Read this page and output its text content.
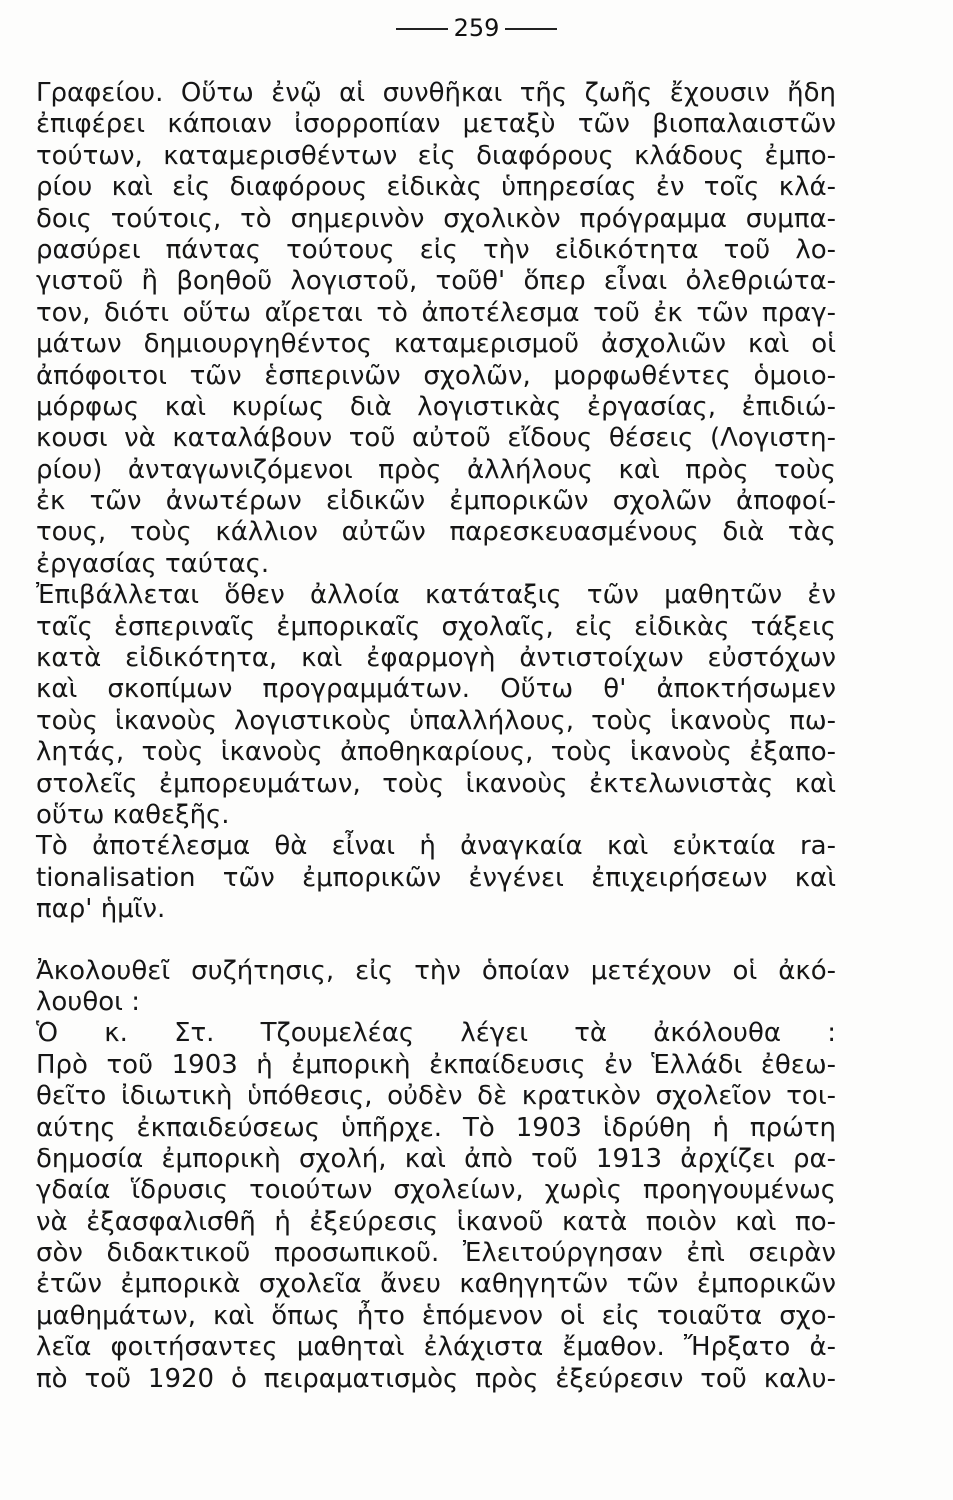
259
Γραφείου. Οὕτω ἐνῷ αἱ συνθῆκαι τῆς ζωῆς ἔχουσιν ἤδη
ἐπιφέρει κάποιαν ἰσορροπίαν μεταξὺ τῶν βιοπαλαιστῶν
τούτων, καταμερισθέντων εἰς διαφόρους κλάδους ἐμπο-
ρίου καὶ εἰς διαφόρους εἰδικὰς ὑπηρεσίας ἐν τοῖς κλά-
δοις τούτοις, τὸ σημερινὸν σχολικὸν πρόγραμμα συμπα-
ρασύρει πάντας τούτους εἰς τὴν εἰδικότητα τοῦ λο-
γιστοῦ ἢ βοηθοῦ λογιστοῦ, τοῦθ' ὅπερ εἶναι ὀλεθριώτα-
τον, διότι οὕτω αἴρεται τὸ ἀποτέλεσμα τοῦ ἐκ τῶν πραγ-
μάτων δημιουργηθέντος καταμερισμοῦ ἀσχολιῶν καὶ οἱ
ἀπόφοιτοι τῶν ἑσπερινῶν σχολῶν, μορφωθέντες ὁμοιο-
μόρφως καὶ κυρίως διὰ λογιστικὰς ἐργασίας, ἐπιδιώ-
κουσι νὰ καταλάβουν τοῦ αὐτοῦ εἴδους θέσεις (Λογιστη-
ρίου) ἀνταγωνιζόμενοι πρὸς ἀλλήλους καὶ πρὸς τοὺς
ἐκ τῶν ἀνωτέρων εἰδικῶν ἐμπορικῶν σχολῶν ἀποφοί-
τους, τοὺς κάλλιον αὐτῶν παρεσκευασμένους διὰ τὰς
ἐργασίας ταύτας.
Ἐπιβάλλεται ὅθεν ἀλλοία κατάταξις τῶν μαθητῶν ἐν
ταῖς ἑσπεριναῖς ἐμπορικαῖς σχολαῖς, εἰς εἰδικὰς τάξεις
κατὰ εἰδικότητα, καὶ ἐφαρμογὴ ἀντιστοίχων εὐστόχων
καὶ σκοπίμων προγραμμάτων. Οὕτω θ' ἀποκτήσωμεν
τοὺς ἱκανοὺς λογιστικοὺς ὑπαλλήλους, τοὺς ἱκανοὺς πω-
λητάς, τοὺς ἱκανοὺς ἀποθηκαρίους, τοὺς ἱκανοὺς ἐξαπο-
στολεῖς ἐμπορευμάτων, τοὺς ἱκανοὺς ἐκτελωνιστὰς καὶ
οὕτω καθεξῆς.
Τὸ ἀποτέλεσμα θὰ εἶναι ἡ ἀναγκαία καὶ εὐκταία ra-
tionalisation τῶν ἐμπορικῶν ἐνγένει ἐπιχειρήσεων καὶ
παρ' ἡμῖν.
Ἀκολουθεῖ συζήτησις, εἰς τὴν ὁποίαν μετέχουν οἱ ἀκό-
λουθοι :
Ὁ κ. Στ. Τζουμελέας λέγει τὰ ἀκόλουθα :
Πρὸ τοῦ 1903 ἡ ἐμπορικὴ ἐκπαίδευσις ἐν Ἑλλάδι ἐθεω-
θεῖτο ἰδιωτικὴ ὑπόθεσις, οὐδὲν δὲ κρατικὸν σχολεῖον τοι-
αύτης ἐκπαιδεύσεως ὑπῆρχε. Τὸ 1903 ἱδρύθη ἡ πρώτη
δημοσία ἐμπορικὴ σχολή, καὶ ἀπὸ τοῦ 1913 ἀρχίζει ρα-
γδαία ἵδρυσις τοιούτων σχολείων, χωρὶς προηγουμένως
νὰ ἐξασφαλισθῆ ἡ ἐξεύρεσις ἱκανοῦ κατὰ ποιὸν καὶ πο-
σὸν διδακτικοῦ προσωπικοῦ. Ἐλειτούργησαν ἐπὶ σειρὰν
ἐτῶν ἐμπορικὰ σχολεῖα ἄνευ καθηγητῶν τῶν ἐμπορικῶν
μαθημάτων, καὶ ὅπως ἦτο ἑπόμενον οἱ εἰς τοιαῦτα σχο-
λεῖα φοιτήσαντες μαθηταὶ ἐλάχιστα ἔμαθον. Ἤρξατο ἀ-
πὸ τοῦ 1920 ὁ πειραματισμὸς πρὸς ἐξεύρεσιν τοῦ καλυ-
